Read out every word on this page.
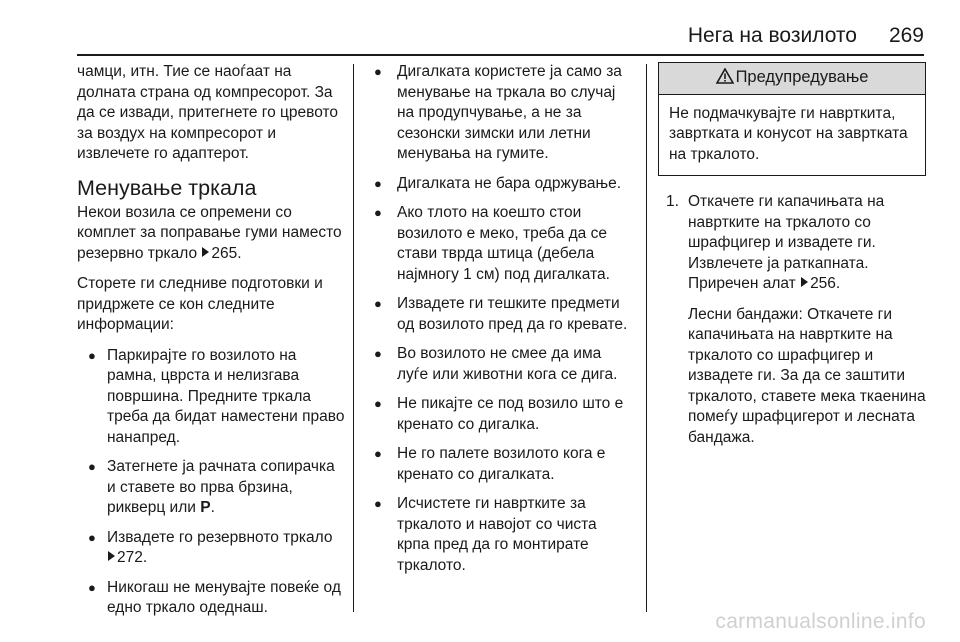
Нега на возилото 269

чамци, итн. Тие се наоѓаат на долната страна од компресорот. За да се извади, притегнете го цревото за воздух на компресорот и извлечете го адаптерот.

Менување тркала

Некои возила се опремени со комплет за поправање гуми наместо резервно тркало 265.

Сторете ги следниве подготовки и придржете се кон следните информации:

● Паркирајте го возилото на рамна, цврста и нелизгава површина. Предните тркала треба да бидат наместени право нанапред.
● Затегнете ја рачната сопирачка и ставете во прва брзина, рикверц или P.
● Извадете го резервното тркало
272.
● Никогаш не менувајте повеќе од едно тркало одеднаш.
● Дигалката користете ја само за менување на тркала во случај на продупчување, а не за сезонски зимски или летни менувања на гумите.
● Дигалката не бара одржување.
● Ако тлото на коешто стои возилото е меко, треба да се стави тврда штица (дебела најмногу 1 см) под дигалката.
● Извадете ги тешките предмети од возилото пред да го кревате.
● Во возилото не смее да има луѓе или животни кога се дига.
● Не пикајте се под возило што е кренато со дигалка.
● Не го палете возилото кога е кренато со дигалката.
● Исчистете ги наврткитe за тркалото и навојот со чиста крпа пред да го монтирате тркалото.
Предупредување
Не подмачкувајте ги наврткитa, завртката и конусот на завртката на тркалото.
1. Откачете ги капачињата на навртките на тркалото со шрафцигер и извадете ги. Извлечете ја раткапната. Приречен алат 256.

Лесни бандажи: Откачете ги капачињата на навртките на тркалото со шрафцигер и извадете ги. За да се заштити тркалото, ставете мека ткаенина помеѓу шрафцигерот и лесната бандажа.

carmanualsonline.info
